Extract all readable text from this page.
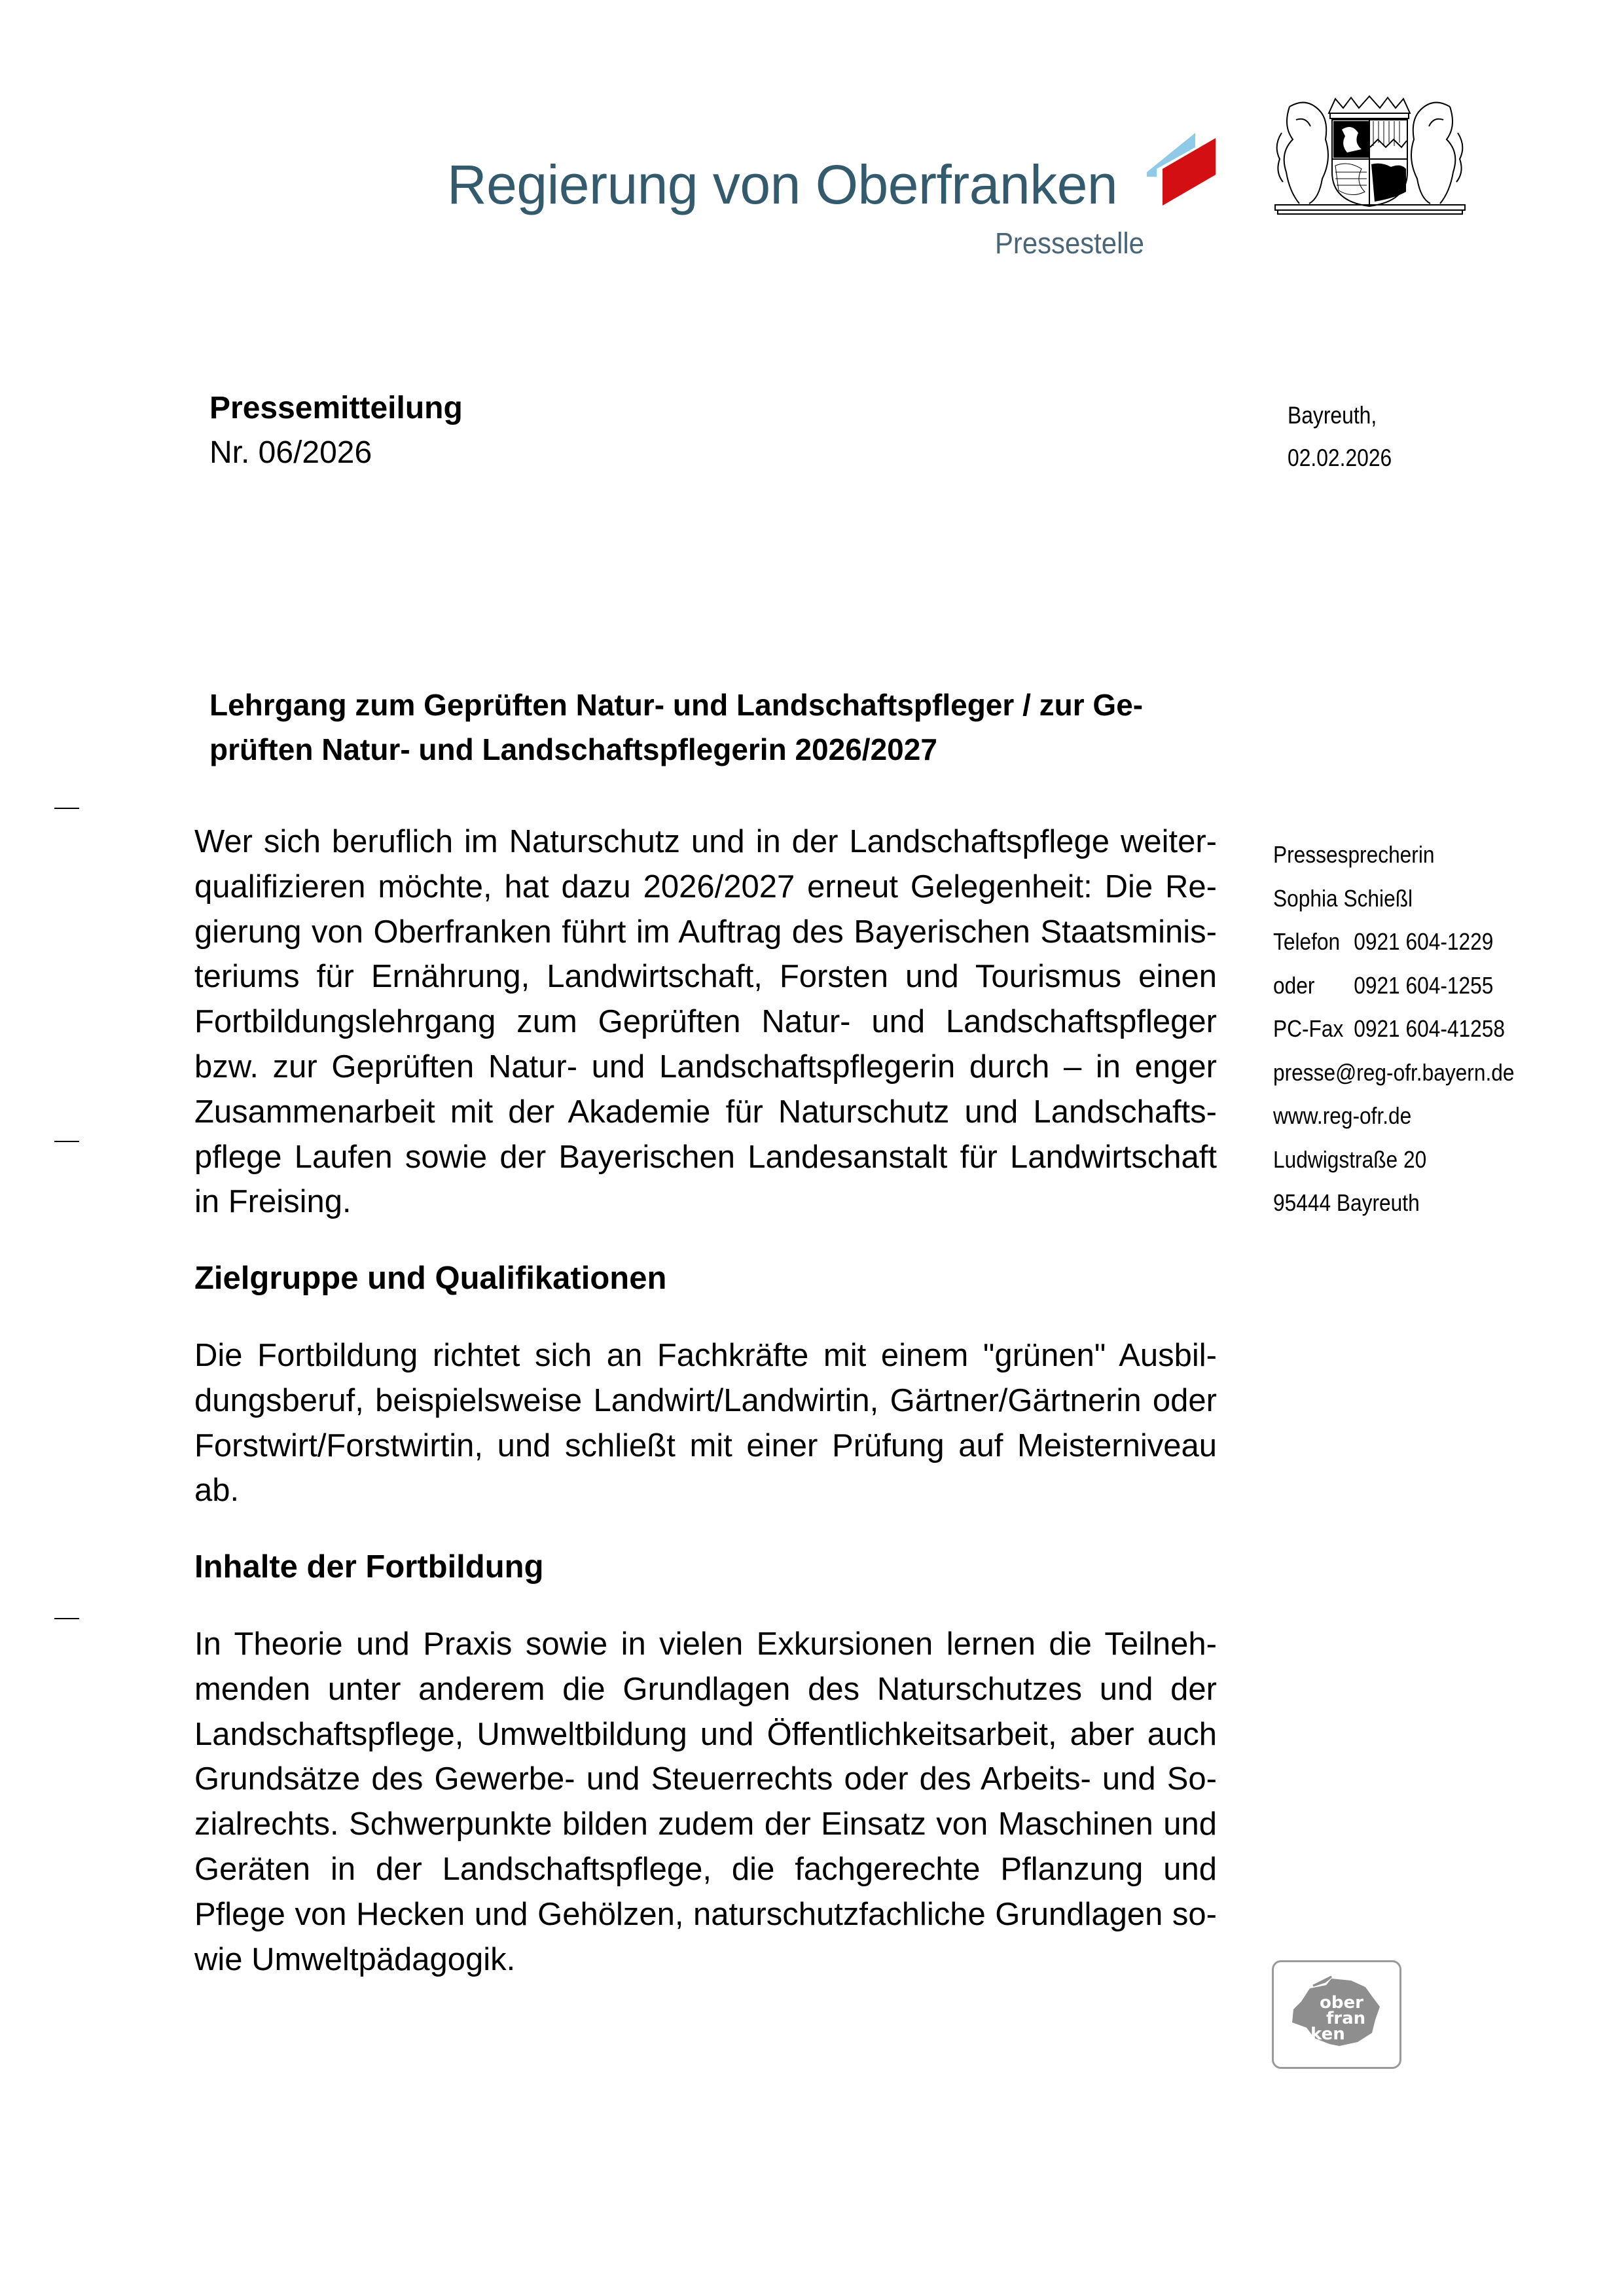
Regierung von Oberfranken
Pressestelle
Pressemitteilung
Nr. 06/2026
Bayreuth,
02.02.2026
Lehrgang zum Geprüften Natur- und Landschaftspfleger / zur Ge-
prüften Natur- und Landschaftspflegerin 2026/2027

Wer sich beruflich im Naturschutz und in der Landschaftspflege weiter-
qualifizieren möchte, hat dazu 2026/2027 erneut Gelegenheit: Die Re-
gierung von Oberfranken führt im Auftrag des Bayerischen Staatsminis-
teriums für Ernährung, Landwirtschaft, Forsten und Tourismus einen
Fortbildungslehrgang zum Geprüften Natur- und Landschaftspfleger
bzw. zur Geprüften Natur- und Landschaftspflegerin durch – in enger
Zusammenarbeit mit der Akademie für Naturschutz und Landschafts-
pflege Laufen sowie der Bayerischen Landesanstalt für Landwirtschaft
in Freising.

Zielgruppe und Qualifikationen

Die Fortbildung richtet sich an Fachkräfte mit einem "grünen" Ausbil-
dungsberuf, beispielsweise Landwirt/Landwirtin, Gärtner/Gärtnerin oder
Forstwirt/Forstwirtin, und schließt mit einer Prüfung auf Meisterniveau
ab.

Inhalte der Fortbildung

In Theorie und Praxis sowie in vielen Exkursionen lernen die Teilneh-
menden unter anderem die Grundlagen des Naturschutzes und der
Landschaftspflege, Umweltbildung und Öffentlichkeitsarbeit, aber auch
Grundsätze des Gewerbe- und Steuerrechts oder des Arbeits- und So-
zialrechts. Schwerpunkte bilden zudem der Einsatz von Maschinen und
Geräten in der Landschaftspflege, die fachgerechte Pflanzung und
Pflege von Hecken und Gehölzen, naturschutzfachliche Grundlagen so-
wie Umweltpädagogik.

Pressesprecherin
Sophia Schießl
Telefon 0921 604-1229
oder	0921 604-1255
PC-Fax 0921 604-41258
presse@reg-ofr.bayern.de
www.reg-ofr.de
Ludwigstraße 20
95444 Bayreuth
ober
fran
ken
